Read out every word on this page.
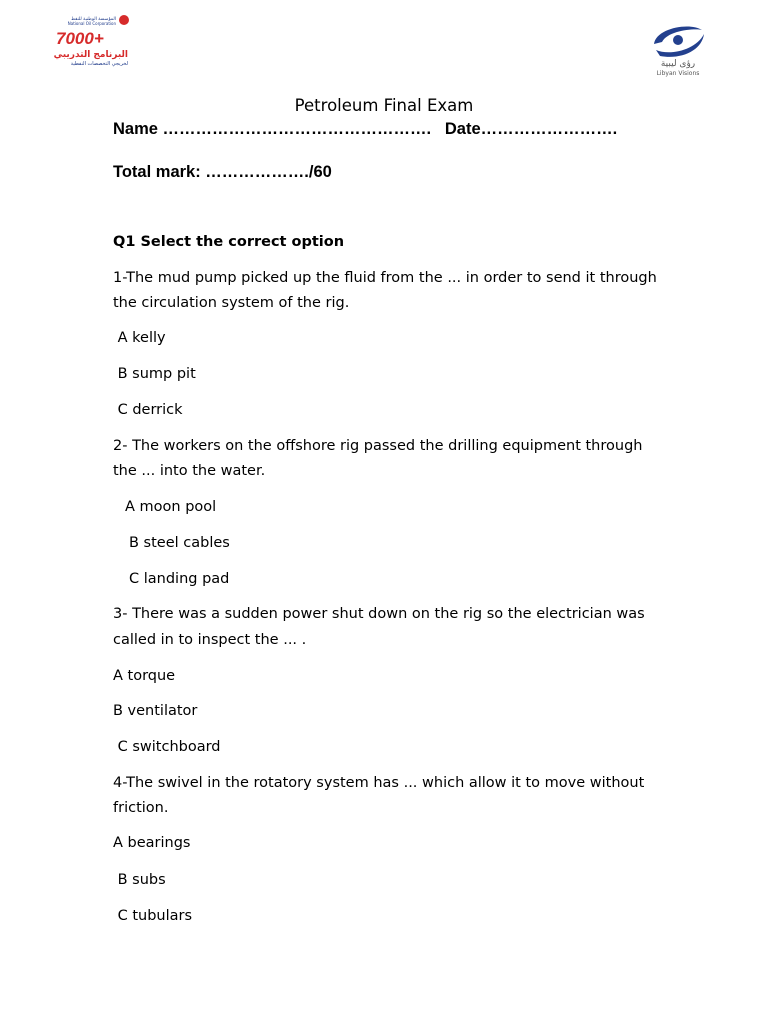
المؤسسة الوطنية للنفط
National Oil Corporation
7000+
البرنامج التدريبي
لخريجي التخصصات النفطية	رؤى ليبية
Libyan Visions
Petroleum Final Exam
Name ………………………………………….   Date…………………….
Total mark: ………………./60
Q1 Select the correct option
1-The mud pump picked up the fluid from the ... in order to send it through
the circulation system of the rig.
A kelly
B sump pit
C derrick
2- The workers on the offshore rig passed the drilling equipment through
the ... into the water.
A moon pool
B steel cables
C landing pad
3- There was a sudden power shut down on the rig so the electrician was
called in to inspect the ... .
A torque
B ventilator
C switchboard
4-The swivel in the rotatory system has ... which allow it to move without
friction.
A bearings
B subs
C tubulars
